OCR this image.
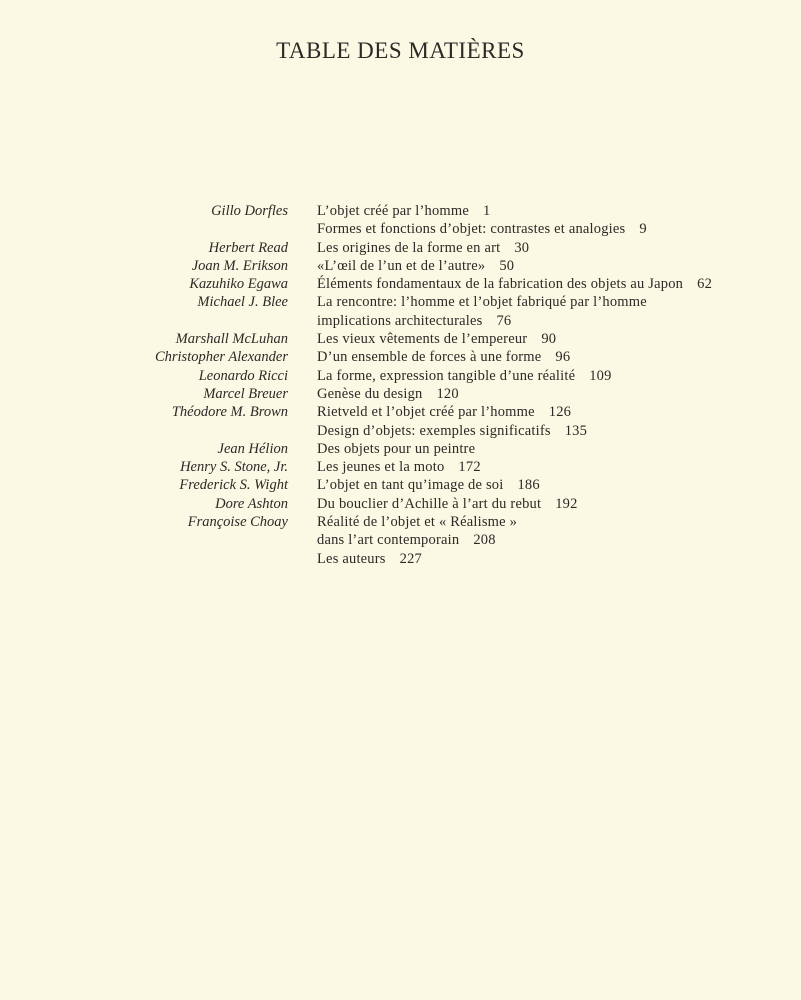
TABLE DES MATIÈRES
Gillo Dorfles L’objet créé par l’homme 1
Formes et fonctions d’objet: contrastes et analogies 9
Herbert Read Les origines de la forme en art 30
Joan M. Erikson «L’œil de l’un et de l’autre» 50
Kazuhiko Egawa Éléments fondamentaux de la fabrication des objets au Japon 62
Michael J. Blee La rencontre: l’homme et l’objet fabriqué par l’homme
implications architecturales 76
Marshall McLuhan Les vieux vêtements de l’empereur 90
Christopher Alexander D’un ensemble de forces à une forme 96
Leonardo Ricci La forme, expression tangible d’une réalité 109
Marcel Breuer Genèse du design 120
Théodore M. Brown Rietveld et l’objet créé par l’homme 126
Design d’objets: exemples significatifs 135
Jean Hélion Des objets pour un peintre
Henry S. Stone, Jr. Les jeunes et la moto 172
Frederick S. Wight L’objet en tant qu’image de soi 186
Dore Ashton Du bouclier d’Achille à l’art du rebut 192
Françoise Choay Réalité de l’objet et « Réalisme »
dans l’art contemporain 208
Les auteurs 227
